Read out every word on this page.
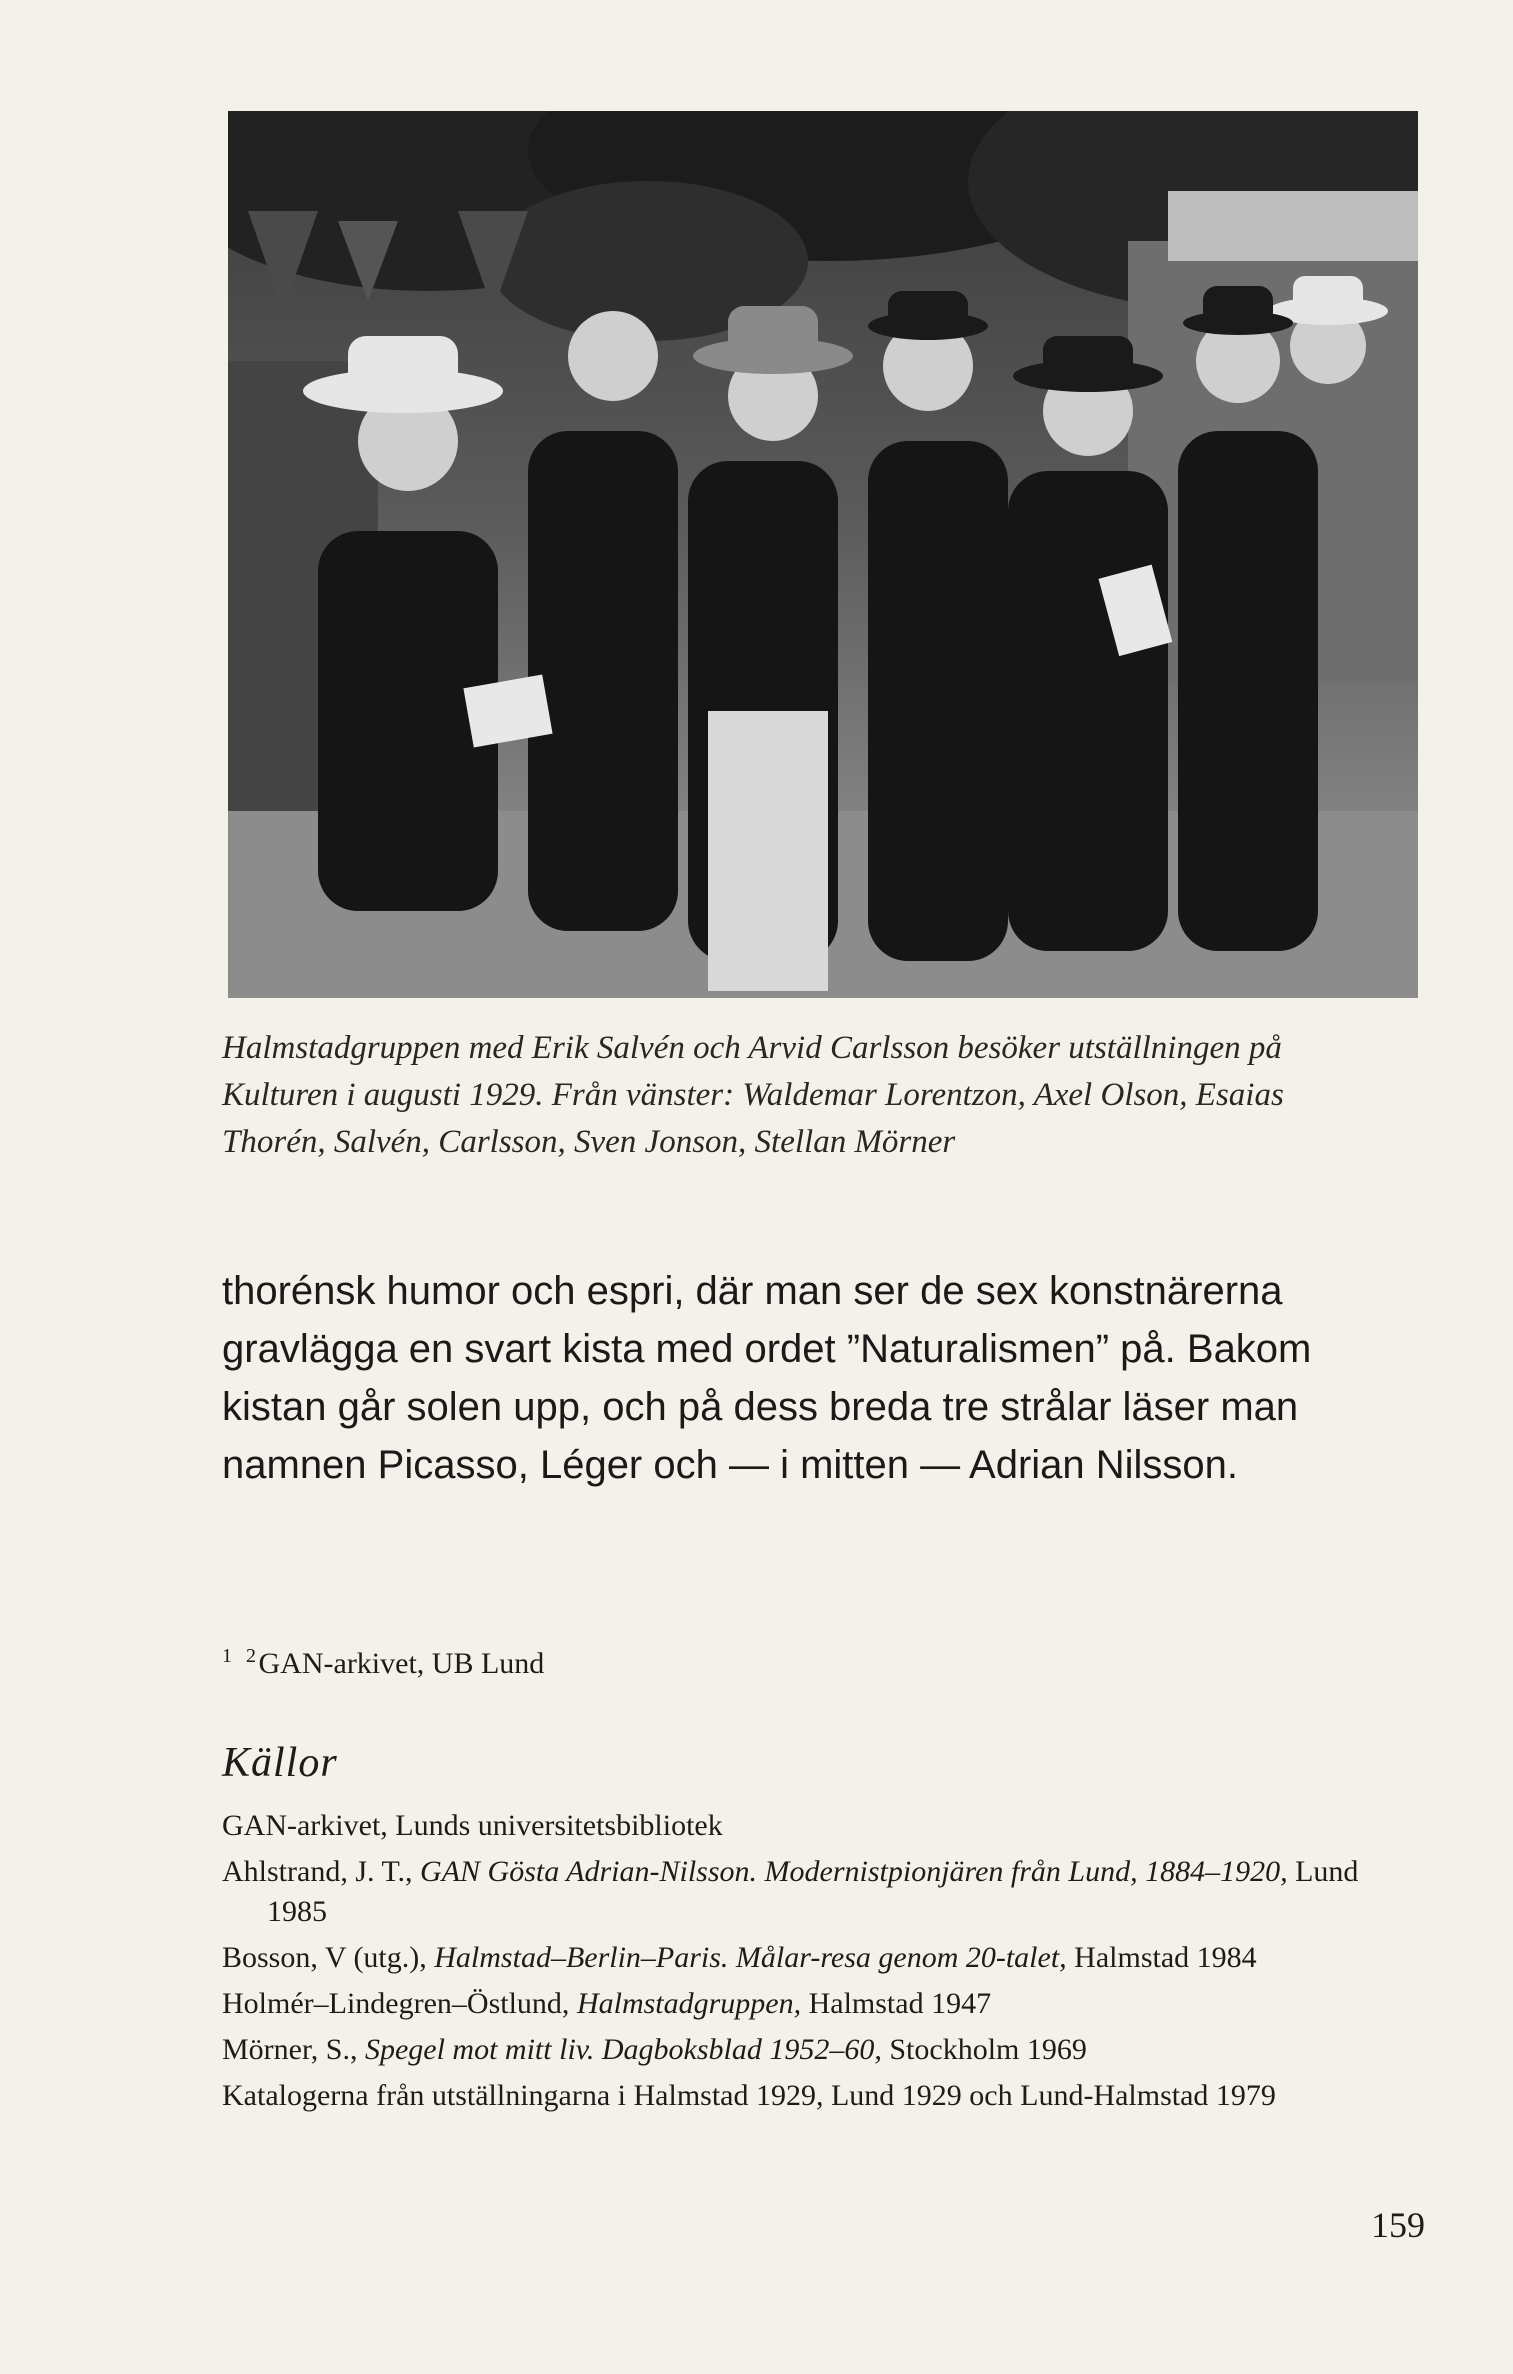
Halmstadgruppen med Erik Salvén och Arvid Carlsson besöker utställningen på

Kulturen i augusti 1929. Från vänster: Waldemar Lorentzon, Axel Olson, Esaias

Thorén, Salvén, Carlsson, Sven Jonson, Stellan Mörner

thorénsk humor och espri, där man ser de sex konstnärerna

gravlägga en svart kista med ordet ”Naturalismen” på. Bakom

kistan går solen upp, och på dess breda tre strålar läser man

namnen Picasso, Léger och — i mitten — Adrian Nilsson.

$^1$ $^2$ GAN-arkivet, UB Lund
Källor

GAN-arkivet, Lunds universitetsbibliotek

Ahlstrand, J. T., GAN Gösta Adrian-Nilsson. Modernistpionjären från Lund, 1884–1920, Lund 1985

Bosson, V (utg.), Halmstad–Berlin–Paris. Målar-resa genom 20-talet, Halmstad 1984

Holmér–Lindegren–Östlund, Halmstadgruppen, Halmstad 1947

Mörner, S., Spegel mot mitt liv. Dagboksblad 1952–60, Stockholm 1969

Katalogerna från utställningarna i Halmstad 1929, Lund 1929 och Lund-Halmstad 1979

159
